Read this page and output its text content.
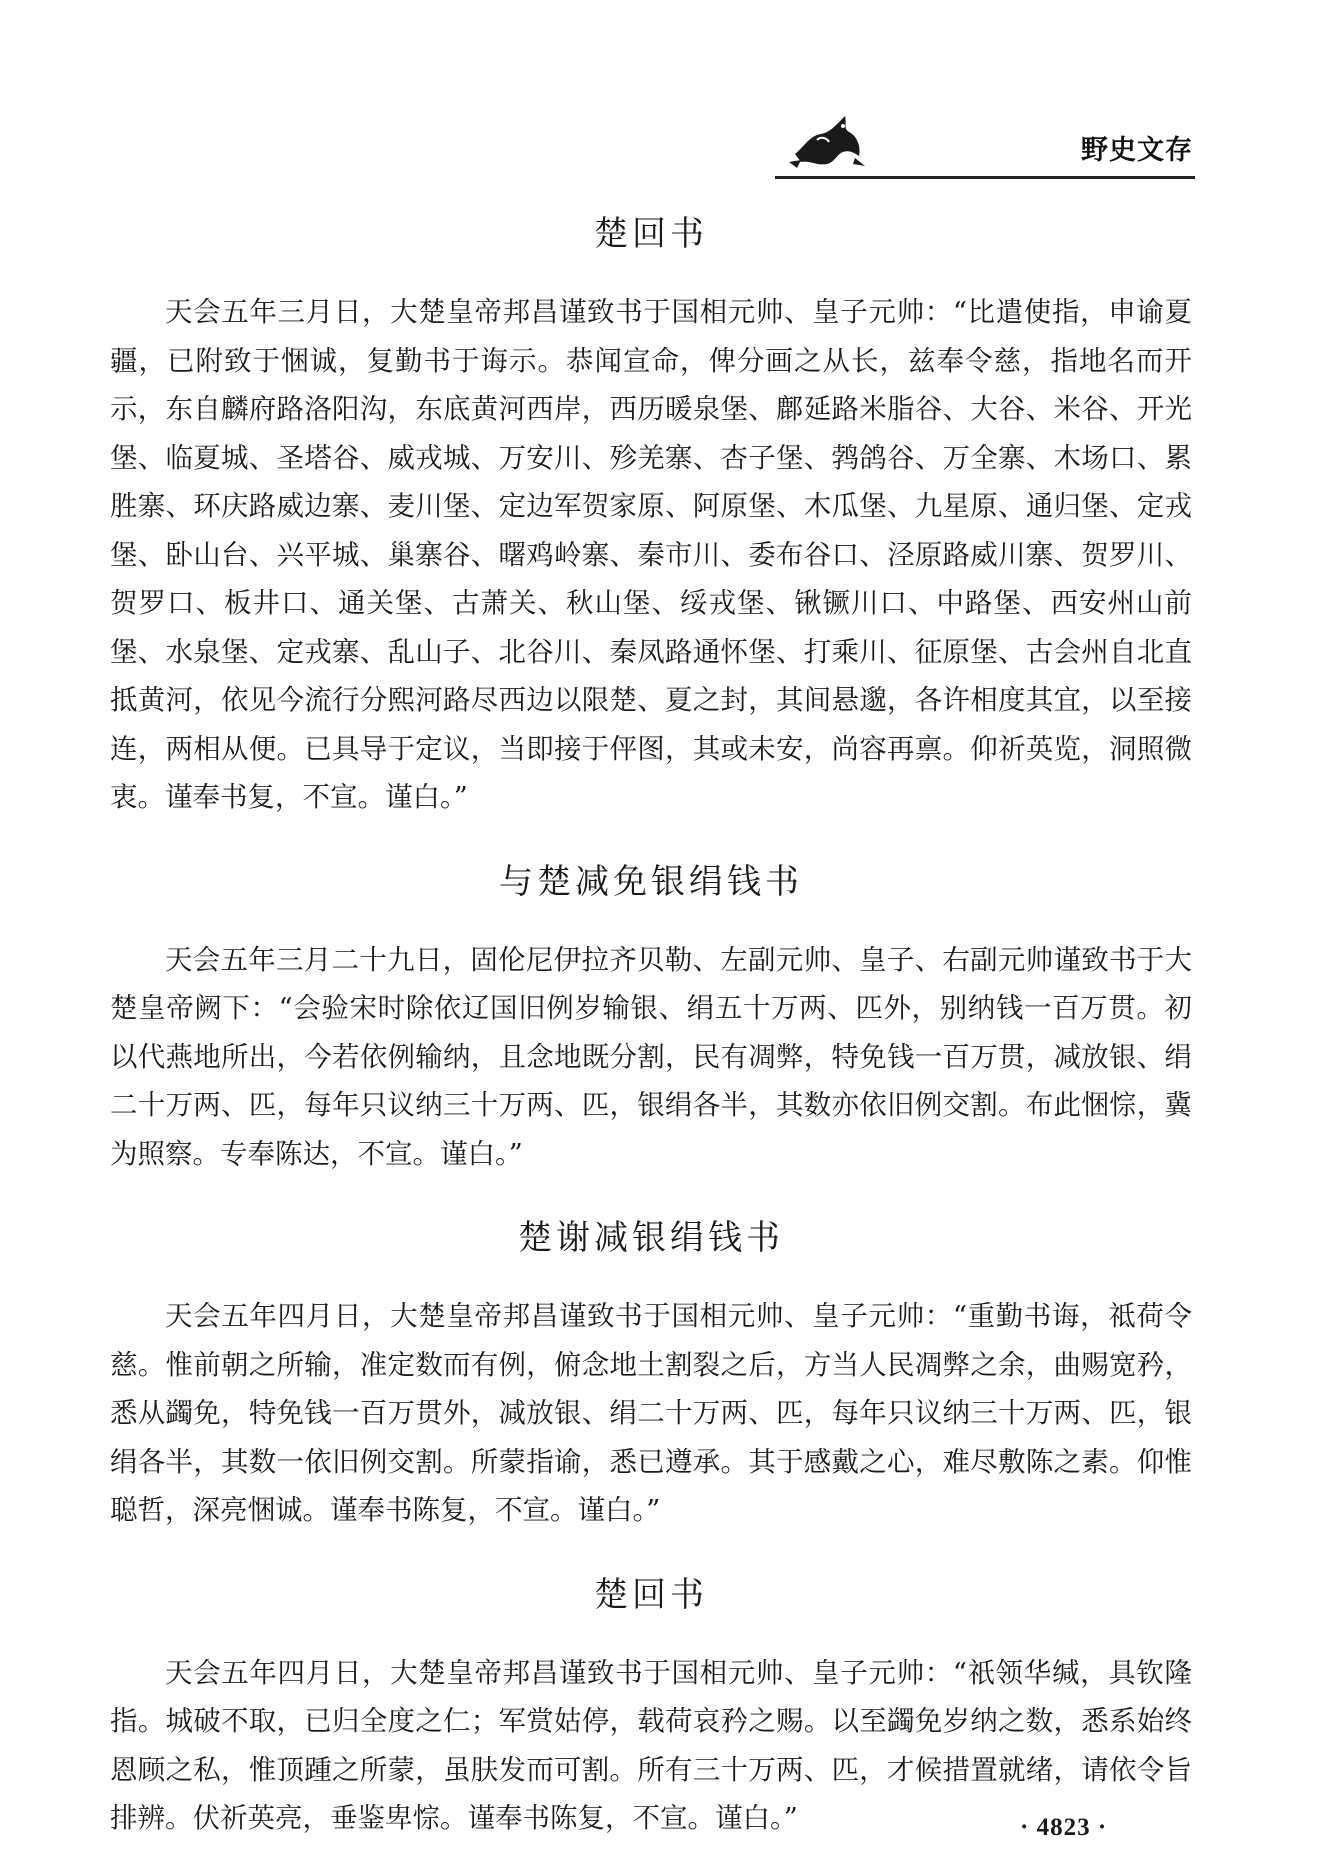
野史文存
楚回书

天会五年三月日，大楚皇帝邦昌谨致书于国相元帅、皇子元帅：“比遣使指，申谕夏疆，已附致于悃诚，复勤书于诲示。恭闻宣命，俾分画之从长，兹奉令慈，指地名而开示，东自麟府路洛阳沟，东底黄河西岸，西历暖泉堡、鄜延路米脂谷、大谷、米谷、开光堡、临夏城、圣塔谷、威戎城、万安川、殄羌寨、杏子堡、鹁鸽谷、万全寨、木场口、累胜寨、环庆路威边寨、麦川堡、定边军贺家原、阿原堡、木瓜堡、九星原、通归堡、定戎堡、卧山台、兴平城、巢寨谷、曙鸡岭寨、秦市川、委布谷口、泾原路威川寨、贺罗川、贺罗口、板井口、通关堡、古萧关、秋山堡、绥戎堡、锹镢川口、中路堡、西安州山前堡、水泉堡、定戎寨、乱山子、北谷川、秦凤路通怀堡、打乘川、征原堡、古会州自北直抵黄河，依见今流行分熙河路尽西边以限楚、夏之封，其间悬邈，各许相度其宜，以至接连，两相从便。已具导于定议，当即接于伻图，其或未安，尚容再禀。仰祈英览，洞照微衷。谨奉书复，不宣。谨白。”

与楚减免银绢钱书

天会五年三月二十九日，固伦尼伊拉齐贝勒、左副元帅、皇子、右副元帅谨致书于大楚皇帝阙下：“会验宋时除依辽国旧例岁输银、绢五十万两、匹外，别纳钱一百万贯。初以代燕地所出，今若依例输纳，且念地既分割，民有凋弊，特免钱一百万贯，减放银、绢二十万两、匹，每年只议纳三十万两、匹，银绢各半，其数亦依旧例交割。布此悃悰，冀为照察。专奉陈达，不宣。谨白。”

楚谢减银绢钱书

天会五年四月日，大楚皇帝邦昌谨致书于国相元帅、皇子元帅：“重勤书诲，祗荷令慈。惟前朝之所输，准定数而有例，俯念地土割裂之后，方当人民凋弊之余，曲赐宽矜，悉从蠲免，特免钱一百万贯外，减放银、绢二十万两、匹，每年只议纳三十万两、匹，银绢各半，其数一依旧例交割。所蒙指谕，悉已遵承。其于感戴之心，难尽敷陈之素。仰惟聪哲，深亮悃诚。谨奉书陈复，不宣。谨白。”

楚回书

天会五年四月日，大楚皇帝邦昌谨致书于国相元帅、皇子元帅：“祇领华缄，具钦隆指。城破不取，已归全度之仁；军赏姑停，载荷哀矜之赐。以至蠲免岁纳之数，悉系始终恩顾之私，惟顶踵之所蒙，虽肤发而可割。所有三十万两、匹，才候措置就绪，请依令旨排辨。伏祈英亮，垂鉴卑悰。谨奉书陈复，不宣。谨白。”	· 4823 ·
